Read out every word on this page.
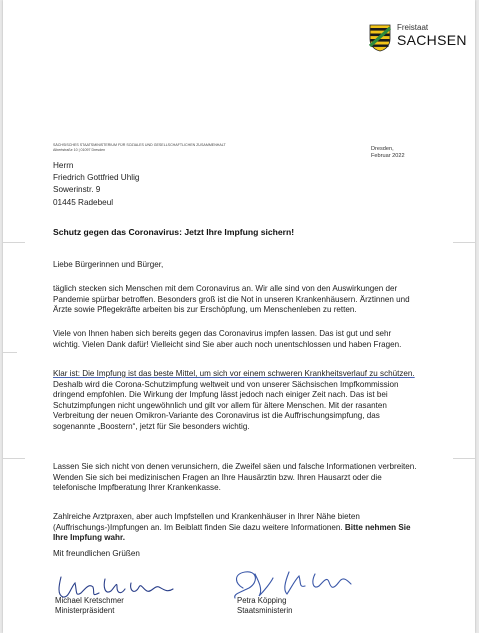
Freistaat
SACHSEN
SÄCHSISCHES STAATSMINISTERIUM FÜR SOZIALES UND GESELLSCHAFTLICHEN ZUSAMMENHALT
Albertstraße 10 | 01097 Dresden	Dresden,
Februar 2022
Herrn
Friedrich Gottfried Uhlig
Sowerinstr. 9
01445 Radebeul
Schutz gegen das Coronavirus: Jetzt Ihre Impfung sichern!
Liebe Bürgerinnen und Bürger,
täglich stecken sich Menschen mit dem Coronavirus an. Wir alle sind von den Auswirkungen der Pandemie spürbar betroffen. Besonders groß ist die Not in unseren Krankenhäusern. Ärztinnen und Ärzte sowie Pflegekräfte arbeiten bis zur Erschöpfung, um Menschenleben zu retten.
Viele von Ihnen haben sich bereits gegen das Coronavirus impfen lassen. Das ist gut und sehr wichtig. Vielen Dank dafür! Vielleicht sind Sie aber auch noch unentschlossen und haben Fragen.
Klar ist: Die Impfung ist das beste Mittel, um sich vor einem schweren Krankheitsverlauf zu schützen. Deshalb wird die Corona-Schutzimpfung weltweit und von unserer Sächsischen Impfkommission dringend empfohlen. Die Wirkung der Impfung lässt jedoch nach einiger Zeit nach. Das ist bei Schutzimpfungen nicht ungewöhnlich und gilt vor allem für ältere Menschen. Mit der rasanten Verbreitung der neuen Omikron-Variante des Coronavirus ist die Auffrischungsimpfung, das sogenannte „Boostern“, jetzt für Sie besonders wichtig.
Lassen Sie sich nicht von denen verunsichern, die Zweifel säen und falsche Informationen verbreiten. Wenden Sie sich bei medizinischen Fragen an Ihre Hausärztin bzw. Ihren Hausarzt oder die telefonische Impfberatung Ihrer Krankenkasse.
Zahlreiche Arztpraxen, aber auch Impfstellen und Krankenhäuser in Ihrer Nähe bieten (Auffrischungs-)Impfungen an. Im Beiblatt finden Sie dazu weitere Informationen. Bitte nehmen Sie Ihre Impfung wahr.
Mit freundlichen Grüßen
Michael Kretschmer
Ministerpräsident
Petra Köpping
Staatsministerin
